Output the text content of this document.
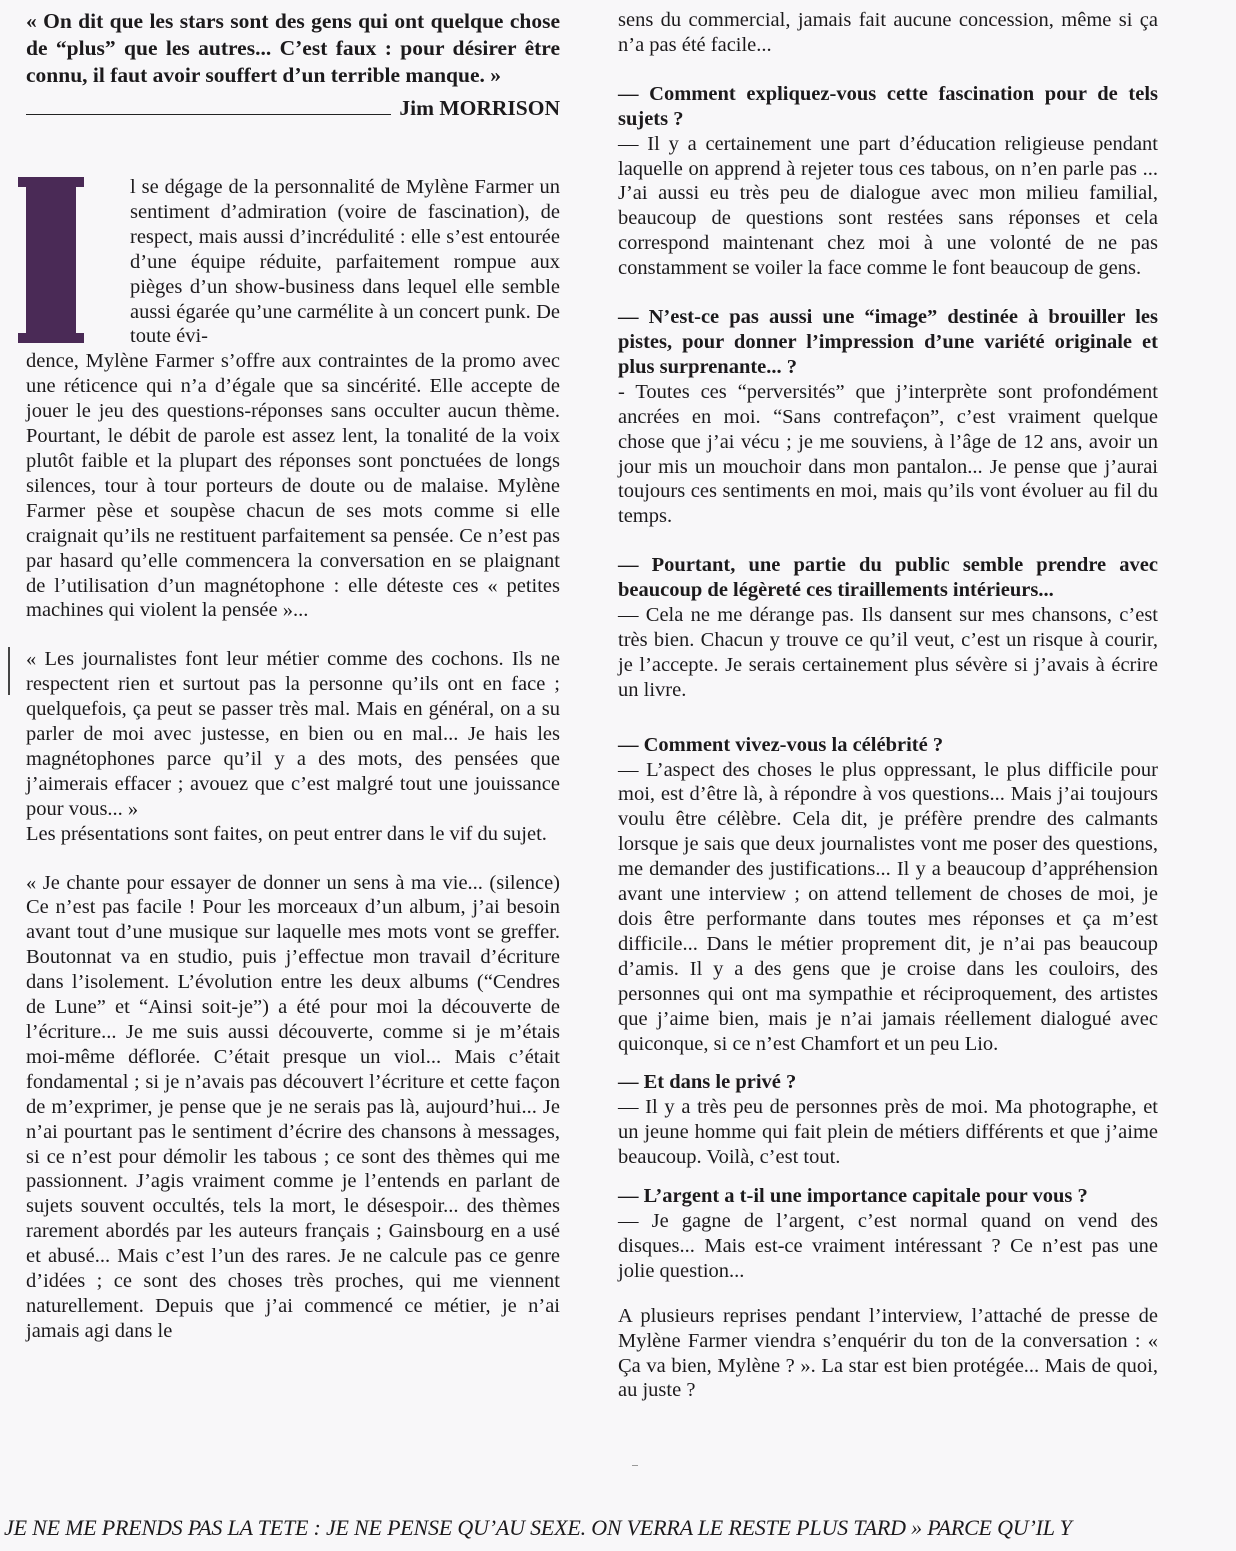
« On dit que les stars sont des gens qui ont quelque chose de “plus” que les autres... C’est faux : pour désirer être connu, il faut avoir souffert d’un terrible manque. »

Jim MORRISON

l se dégage de la personnalité de Mylène Farmer un sentiment d’admiration (voire de fascination), de respect, mais aussi d’incrédulité : elle s’est entourée d’une équipe réduite, parfaitement rompue aux pièges d’un show-business dans lequel elle semble aussi égarée qu’une carmélite à un concert punk. De toute évi-

dence, Mylène Farmer s’offre aux contraintes de la promo avec une réticence qui n’a d’égale que sa sincérité. Elle accepte de jouer le jeu des questions-réponses sans occulter aucun thème. Pourtant, le débit de parole est assez lent, la tonalité de la voix plutôt faible et la plupart des réponses sont ponctuées de longs silences, tour à tour porteurs de doute ou de malaise. Mylène Farmer pèse et soupèse chacun de ses mots comme si elle craignait qu’ils ne restituent parfaitement sa pensée. Ce n’est pas par hasard qu’elle commencera la conversation en se plaignant de l’utilisation d’un magnétophone : elle déteste ces « petites machines qui violent la pensée »...

« Les journalistes font leur métier comme des cochons. Ils ne respectent rien et surtout pas la personne qu’ils ont en face ; quelquefois, ça peut se passer très mal. Mais en général, on a su parler de moi avec justesse, en bien ou en mal... Je hais les magnétophones parce qu’il y a des mots, des pensées que j’aimerais effacer ; avouez que c’est malgré tout une jouissance pour vous... »

Les présentations sont faites, on peut entrer dans le vif du sujet.

« Je chante pour essayer de donner un sens à ma vie... (silence) Ce n’est pas facile ! Pour les morceaux d’un album, j’ai besoin avant tout d’une musique sur laquelle mes mots vont se greffer. Boutonnat va en studio, puis j’effectue mon travail d’écriture dans l’isolement. L’évolution entre les deux albums (“Cendres de Lune” et “Ainsi soit-je”) a été pour moi la découverte de l’écriture... Je me suis aussi découverte, comme si je m’étais moi-même déflorée. C’était presque un viol... Mais c’était fondamental ; si je n’avais pas découvert l’écriture et cette façon de m’exprimer, je pense que je ne serais pas là, aujourd’hui... Je n’ai pourtant pas le sentiment d’écrire des chansons à messages, si ce n’est pour démolir les tabous ; ce sont des thèmes qui me passionnent. J’agis vraiment comme je l’entends en parlant de sujets souvent occultés, tels la mort, le désespoir... des thèmes rarement abordés par les auteurs français ; Gainsbourg en a usé et abusé... Mais c’est l’un des rares. Je ne calcule pas ce genre d’idées ; ce sont des choses très proches, qui me viennent naturellement. Depuis que j’ai commencé ce métier, je n’ai jamais agi dans le

sens du commercial, jamais fait aucune concession, même si ça n’a pas été facile...

— Comment expliquez-vous cette fascination pour de tels sujets ?

— Il y a certainement une part d’éducation religieuse pendant laquelle on apprend à rejeter tous ces tabous, on n’en parle pas ... J’ai aussi eu très peu de dialogue avec mon milieu familial, beaucoup de questions sont restées sans réponses et cela correspond maintenant chez moi à une volonté de ne pas constamment se voiler la face comme le font beaucoup de gens.

— N’est-ce pas aussi une “image” destinée à brouiller les pistes, pour donner l’impression d’une variété originale et plus surprenante... ?

- Toutes ces “perversités” que j’interprète sont profondément ancrées en moi. “Sans contrefaçon”, c’est vraiment quelque chose que j’ai vécu ; je me souviens, à l’âge de 12 ans, avoir un jour mis un mouchoir dans mon pantalon... Je pense que j’aurai toujours ces sentiments en moi, mais qu’ils vont évoluer au fil du temps.

— Pourtant, une partie du public semble prendre avec beaucoup de légèreté ces tiraillements intérieurs...

— Cela ne me dérange pas. Ils dansent sur mes chansons, c’est très bien. Chacun y trouve ce qu’il veut, c’est un risque à courir, je l’accepte. Je serais certainement plus sévère si j’avais à écrire un livre.

— Comment vivez-vous la célébrité ?

— L’aspect des choses le plus oppressant, le plus difficile pour moi, est d’être là, à répondre à vos questions... Mais j’ai toujours voulu être célèbre. Cela dit, je préfère prendre des calmants lorsque je sais que deux journalistes vont me poser des questions, me demander des justifications... Il y a beaucoup d’appréhension avant une interview ; on attend tellement de choses de moi, je dois être performante dans toutes mes réponses et ça m’est difficile... Dans le métier proprement dit, je n’ai pas beaucoup d’amis. Il y a des gens que je croise dans les couloirs, des personnes qui ont ma sympathie et réciproquement, des artistes que j’aime bien, mais je n’ai jamais réellement dialogué avec quiconque, si ce n’est Chamfort et un peu Lio.

— Et dans le privé ?

— Il y a très peu de personnes près de moi. Ma photographe, et un jeune homme qui fait plein de métiers différents et que j’aime beaucoup. Voilà, c’est tout.

— L’argent a t-il une importance capitale pour vous ?

— Je gagne de l’argent, c’est normal quand on vend des disques... Mais est-ce vraiment intéressant ? Ce n’est pas une jolie question...

A plusieurs reprises pendant l’interview, l’attaché de presse de Mylène Farmer viendra s’enquérir du ton de la conversation : « Ça va bien, Mylène ? ». La star est bien protégée... Mais de quoi, au juste ?

JE NE ME PRENDS PAS LA TETE : JE NE PENSE QU’AU SEXE. ON VERRA LE RESTE PLUS TARD » PARCE QU’IL Y
